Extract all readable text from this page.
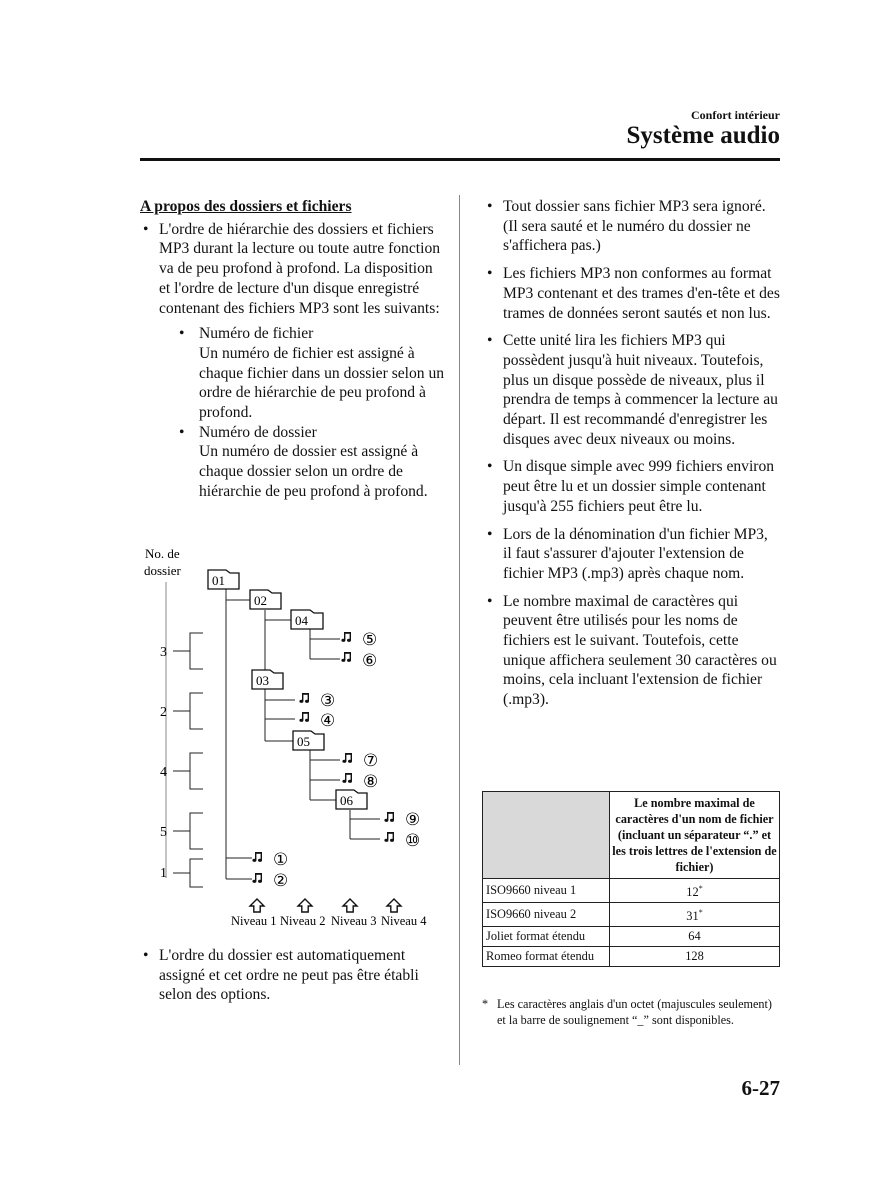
Confort intérieur
Système audio
A propos des dossiers et fichiers
• L'ordre de hiérarchie des dossiers et fichiers MP3 durant la lecture ou toute autre fonction va de peu profond à profond. La disposition et l'ordre de lecture d'un disque enregistré contenant des fichiers MP3 sont les suivants:
• Numéro de fichier
Un numéro de fichier est assigné à chaque fichier dans un dossier selon un ordre de hiérarchie de peu profond à profond.
• Numéro de dossier
Un numéro de dossier est assigné à chaque dossier selon un ordre de hiérarchie de peu profond à profond.
No. de
dossier
3
2
4
5
1
01
02
04
03
05
06
⑤
⑥
③
④
⑦
⑧
⑨
⑩
①
②
Niveau 1 Niveau 2 Niveau 3 Niveau 4
• L'ordre du dossier est automatiquement assigné et cet ordre ne peut pas être établi selon des options.
• Tout dossier sans fichier MP3 sera ignoré. (Il sera sauté et le numéro du dossier ne s'affichera pas.)
• Les fichiers MP3 non conformes au format MP3 contenant et des trames d'en-tête et des trames de données seront sautés et non lus.
• Cette unité lira les fichiers MP3 qui possèdent jusqu'à huit niveaux. Toutefois, plus un disque possède de niveaux, plus il prendra de temps à commencer la lecture au départ. Il est recommandé d'enregistrer les disques avec deux niveaux ou moins.
• Un disque simple avec 999 fichiers environ peut être lu et un dossier simple contenant jusqu'à 255 fichiers peut être lu.
• Lors de la dénomination d'un fichier MP3, il faut s'assurer d'ajouter l'extension de fichier MP3 (.mp3) après chaque nom.
• Le nombre maximal de caractères qui peuvent être utilisés pour les noms de fichiers est le suivant. Toutefois, cette unique affichera seulement 30 caractères ou moins, cela incluant l'extension de fichier (.mp3).
	Le nombre maximal de caractères d'un nom de fichier (incluant un séparateur “.” et les trois lettres de l'extension de fichier)
ISO9660 niveau 1	12*
ISO9660 niveau 2	31*
Joliet format étendu	64
Romeo format étendu	128
* Les caractères anglais d'un octet (majuscules seulement) et la barre de soulignement “_” sont disponibles.
6-27
